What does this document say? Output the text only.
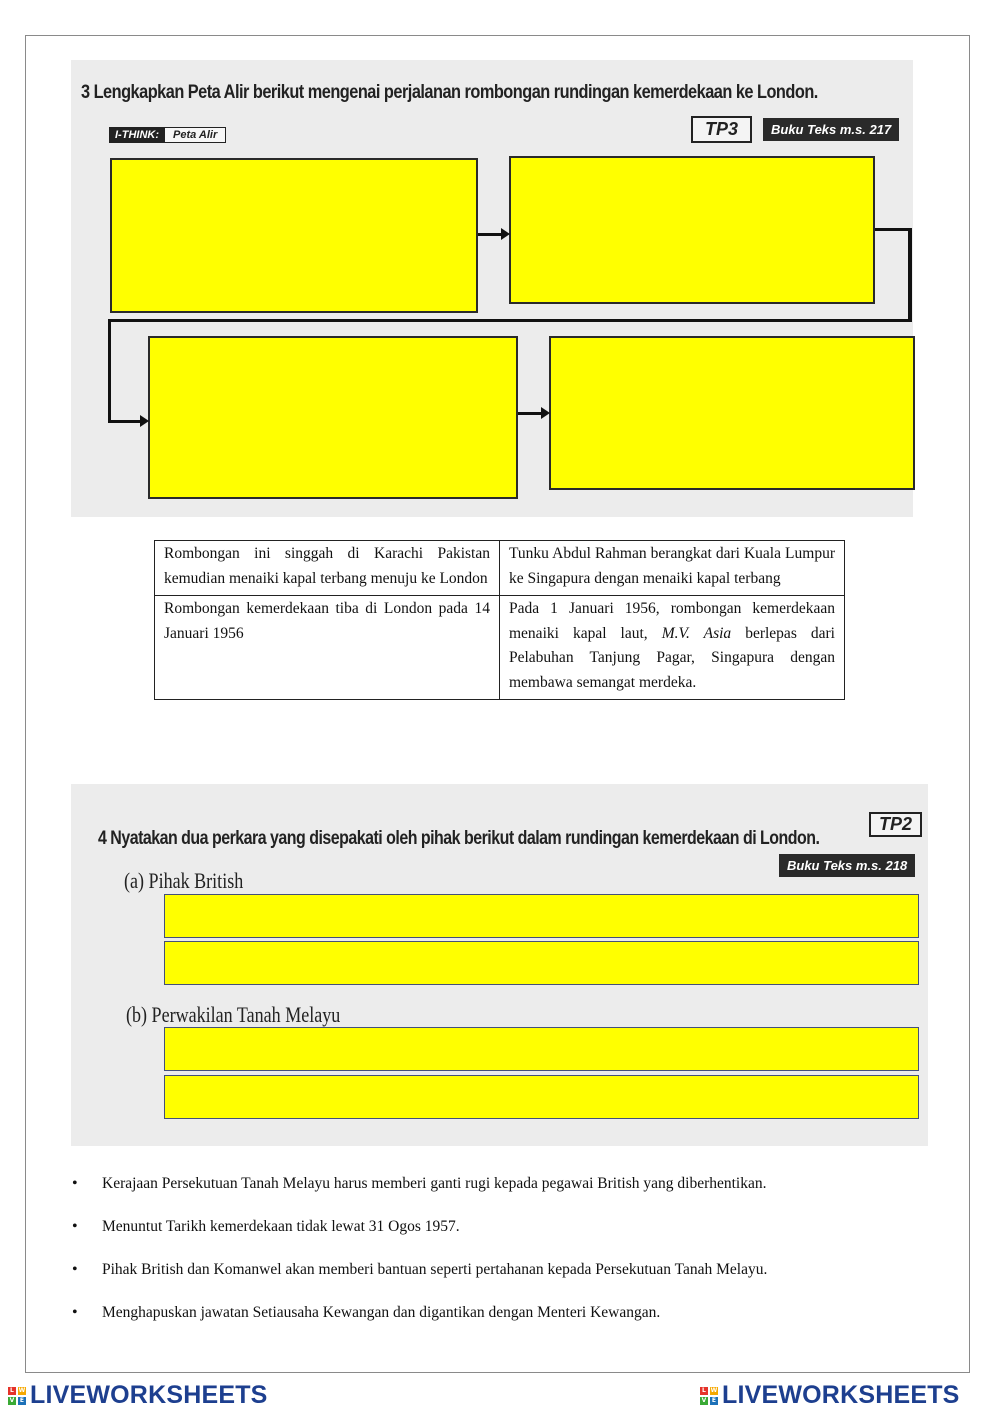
3 Lengkapkan Peta Alir berikut mengenai perjalanan rombongan rundingan kemerdekaan ke London.
I-THINK:	Peta Alir	TP3	Buku Teks m.s. 217
Rombongan ini singgah di Karachi Pakistan kemudian menaiki kapal terbang menuju ke London	Tunku Abdul Rahman berangkat dari Kuala Lumpur ke Singapura dengan menaiki kapal terbang
Rombongan kemerdekaan tiba di London pada 14 Januari 1956	Pada 1 Januari 1956, rombongan kemerdekaan menaiki kapal laut, M.V. Asia berlepas dari Pelabuhan Tanjung Pagar, Singapura dengan membawa semangat merdeka.
4 Nyatakan dua perkara yang disepakati oleh pihak berikut dalam rundingan kemerdekaan di London.
TP2
Buku Teks m.s. 218
(a) Pihak British
(b) Perwakilan Tanah Melayu
• Kerajaan Persekutuan Tanah Melayu harus memberi ganti rugi kepada pegawai British yang diberhentikan.
• Menuntut Tarikh kemerdekaan tidak lewat 31 Ogos 1957.
• Pihak British dan Komanwel akan memberi bantuan seperti pertahanan kepada Persekutuan Tanah Melayu.
• Menghapuskan jawatan Setiausaha Kewangan dan digantikan dengan Menteri Kewangan.
L W
V E LIVEWORKSHEETS	L W
V E LIVEWORKSHEETS
